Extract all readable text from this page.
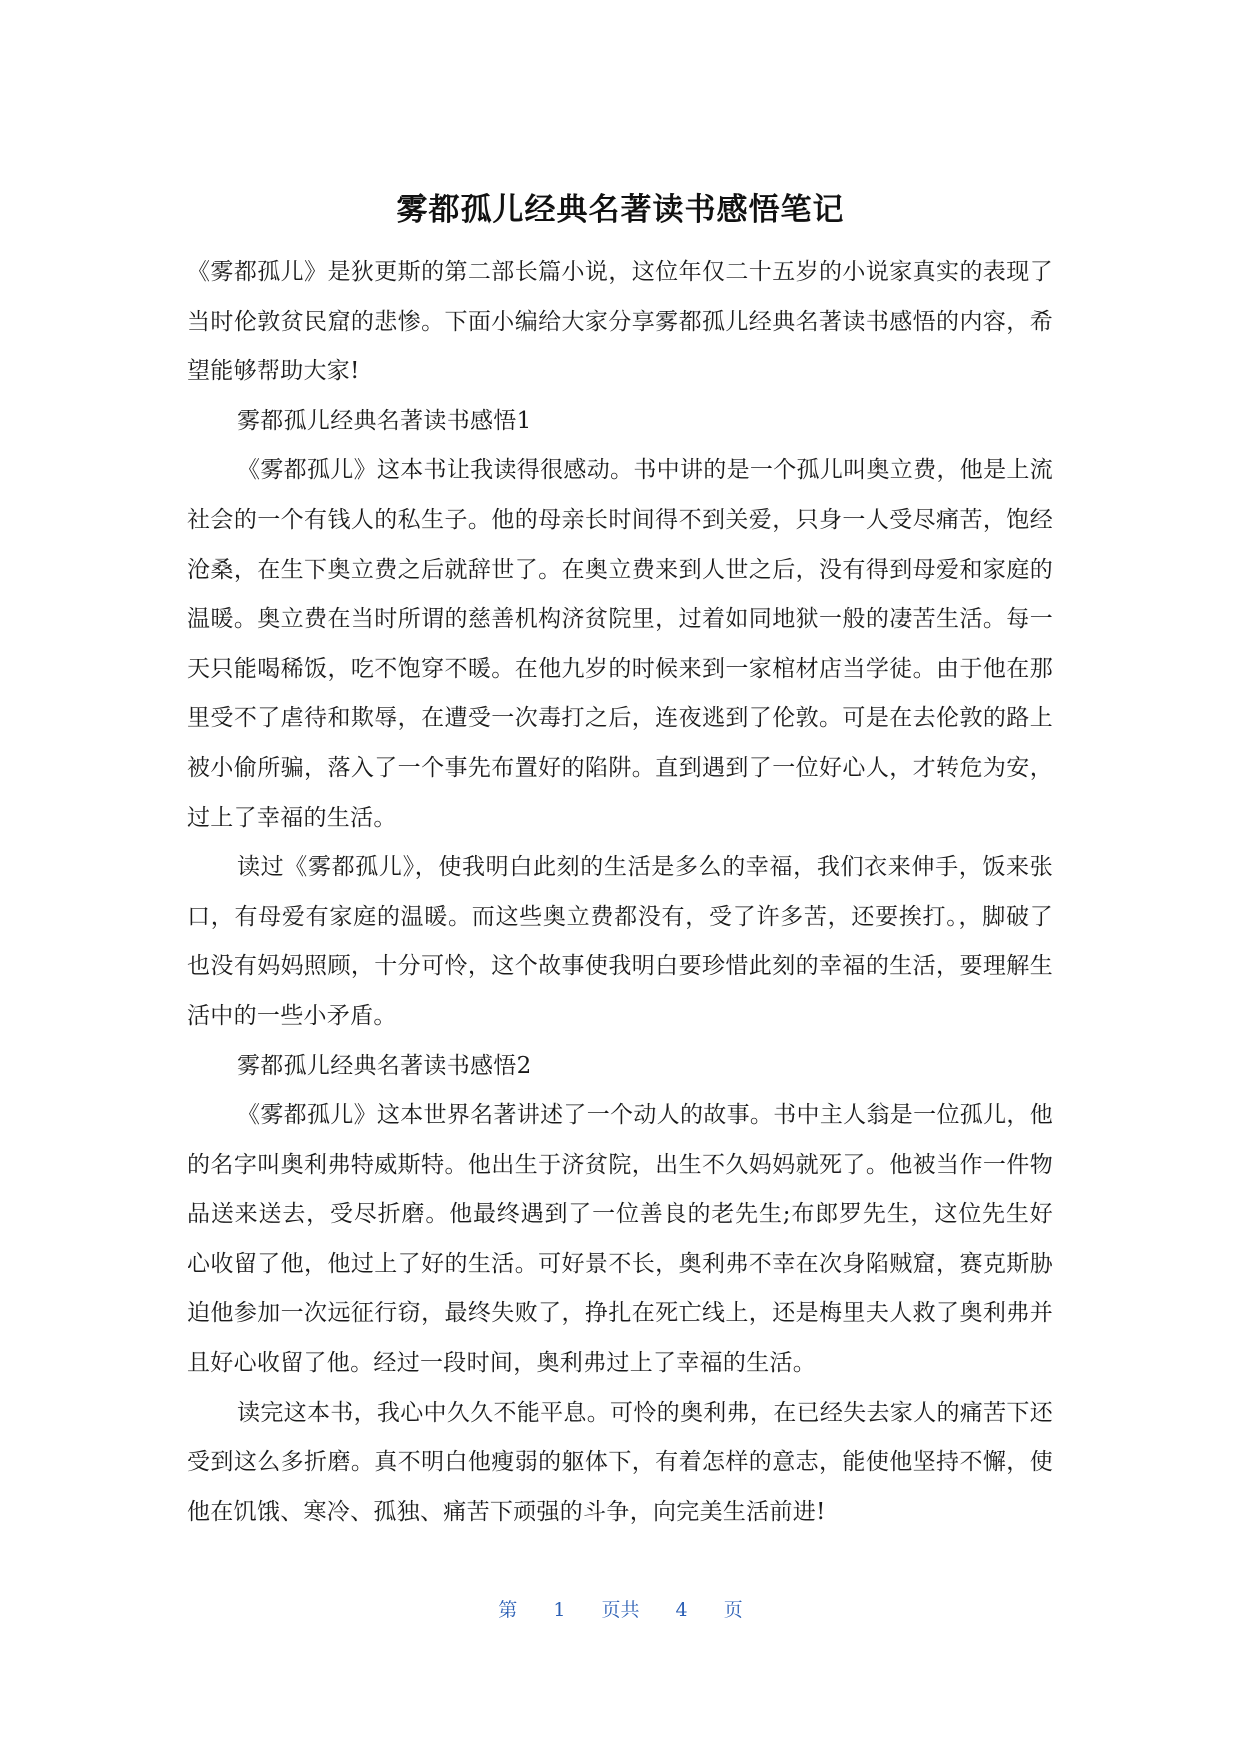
雾都孤儿经典名著读书感悟笔记

《雾都孤儿》是狄更斯的第二部长篇小说，这位年仅二十五岁的小说家真实的表现了当时伦敦贫民窟的悲惨。下面小编给大家分享雾都孤儿经典名著读书感悟的内容，希望能够帮助大家!

雾都孤儿经典名著读书感悟1

《雾都孤儿》这本书让我读得很感动。书中讲的是一个孤儿叫奥立费，他是上流社会的一个有钱人的私生子。他的母亲长时间得不到关爱，只身一人受尽痛苦，饱经沧桑，在生下奥立费之后就辞世了。在奥立费来到人世之后，没有得到母爱和家庭的温暖。奥立费在当时所谓的慈善机构济贫院里，过着如同地狱一般的凄苦生活。每一天只能喝稀饭，吃不饱穿不暖。在他九岁的时候来到一家棺材店当学徒。由于他在那里受不了虐待和欺辱，在遭受一次毒打之后，连夜逃到了伦敦。可是在去伦敦的路上被小偷所骗，落入了一个事先布置好的陷阱。直到遇到了一位好心人，才转危为安，过上了幸福的生活。

读过《雾都孤儿》，使我明白此刻的生活是多么的幸福，我们衣来伸手，饭来张口，有母爱有家庭的温暖。而这些奥立费都没有，受了许多苦，还要挨打。，脚破了也没有妈妈照顾，十分可怜，这个故事使我明白要珍惜此刻的幸福的生活，要理解生活中的一些小矛盾。

雾都孤儿经典名著读书感悟2

《雾都孤儿》这本世界名著讲述了一个动人的故事。书中主人翁是一位孤儿，他的名字叫奥利弗特威斯特。他出生于济贫院，出生不久妈妈就死了。他被当作一件物品送来送去，受尽折磨。他最终遇到了一位善良的老先生;布郎罗先生，这位先生好心收留了他，他过上了好的生活。可好景不长，奥利弗不幸在次身陷贼窟，赛克斯胁迫他参加一次远征行窃，最终失败了，挣扎在死亡线上，还是梅里夫人救了奥利弗并且好心收留了他。经过一段时间，奥利弗过上了幸福的生活。

读完这本书，我心中久久不能平息。可怜的奥利弗，在已经失去家人的痛苦下还受到这么多折磨。真不明白他瘦弱的躯体下，有着怎样的意志，能使他坚持不懈，使他在饥饿、寒冷、孤独、痛苦下顽强的斗争，向完美生活前进!

第 1 页共 4 页
